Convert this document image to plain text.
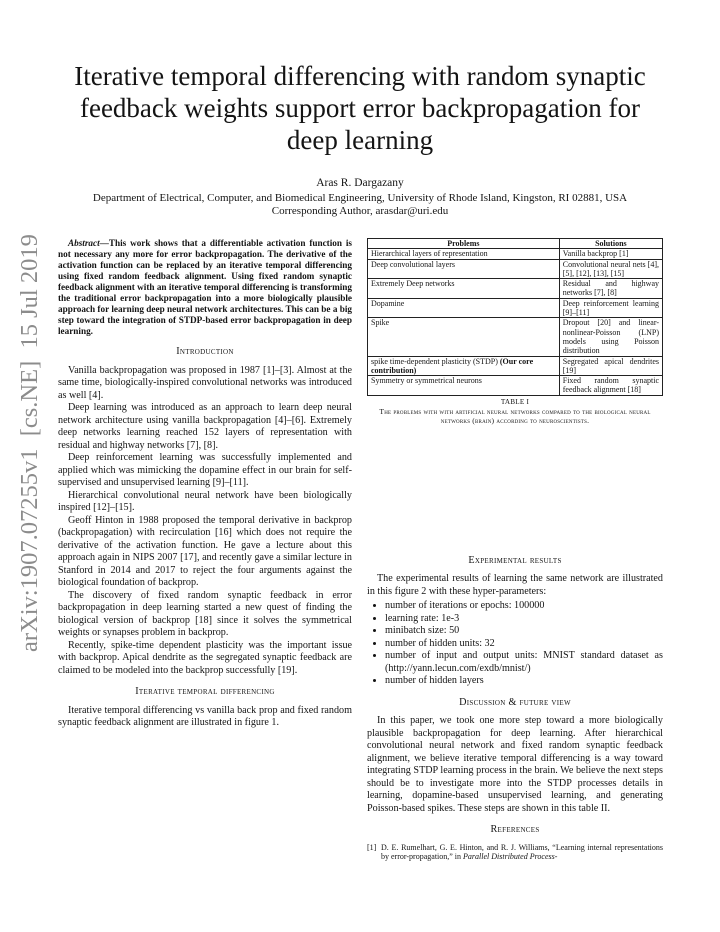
arXiv:1907.07255v1  [cs.NE]  15 Jul 2019
Iterative temporal differencing with random synaptic feedback weights support error backpropagation for deep learning
Aras R. Dargazany
Department of Electrical, Computer, and Biomedical Engineering, University of Rhode Island, Kingston, RI 02881, USA
Corresponding Author, arasdar@uri.edu

Abstract—This work shows that a differentiable activation function is not necessary any more for error backpropagation. The derivative of the activation function can be replaced by an iterative temporal differencing using fixed random feedback alignment. Using fixed random synaptic feedback alignment with an iterative temporal differencing is transforming the traditional error backpropagation into a more biologically plausible approach for learning deep neural network architectures. This can be a big step toward the integration of STDP-based error backpropagation in deep learning.

Introduction

Vanilla backpropagation was proposed in 1987 [1]–[3]. Almost at the same time, biologically-inspired convolutional networks was introduced as well [4].

Deep learning was introduced as an approach to learn deep neural network architecture using vanilla backpropagation [4]–[6]. Extremely deep networks learning reached 152 layers of representation with residual and highway networks [7], [8].

Deep reinforcement learning was successfully implemented and applied which was mimicking the dopamine effect in our brain for self-supervised and unsupervised learning [9]–[11].

Hierarchical convolutional neural network have been biologically inspired [12]–[15].

Geoff Hinton in 1988 proposed the temporal derivative in backprop (backpropagation) with recirculation [16] which does not require the derivative of the activation function. He gave a lecture about this approach again in NIPS 2007 [17], and recently gave a similar lecture in Stanford in 2014 and 2017 to reject the four arguments against the biological foundation of backprop.

The discovery of fixed random synaptic feedback in error backpropagation in deep learning started a new quest of finding the biological version of backprop [18] since it solves the symmetrical weights or synapses problem in backprop.

Recently, spike-time dependent plasticity was the important issue with backprop. Apical dendrite as the segregated synaptic feedback are claimed to be modeled into the backprop successfully [19].

Iterative temporal differencing

Iterative temporal differencing vs vanilla back prop and fixed random synaptic feedback alignment are illustrated in figure 1.

Problems	Solutions
Hierarchical layers of representation	Vanilla backprop [1]
Deep convolutional layers	Convolutional neural nets [4], [5], [12], [13], [15]
Extremely Deep networks	Residual and highway networks [7], [8]
Dopamine	Deep reinforcement learning [9]–[11]
Spike	Dropout [20] and linear-nonlinear-Poisson (LNP) models using Poisson distribution
spike time-dependent plasticity (STDP) (Our core contribution)	Segregated apical dendrites [19]
Symmetry or symmetrical neurons	Fixed random synaptic feedback alignment [18]
TABLE I
The problems with with artificial neural networks compared to the biological neural networks (brain) according to neuroscientists.
Experimental results

The experimental results of learning the same network are illustrated in this figure 2 with these hyper-parameters:

• number of iterations or epochs: 100000
• learning rate: 1e-3
• minibatch size: 50
• number of hidden units: 32
• number of input and output units: MNIST standard dataset as (http://yann.lecun.com/exdb/mnist/)
• number of hidden layers
Discussion & future view

In this paper, we took one more step toward a more biologically plausible backpropagation for deep learning. After hierarchical convolutional neural network and fixed random synaptic feedback alignment, we believe iterative temporal differencing is a way toward integrating STDP learning process in the brain. We believe the next steps should be to investigate more into the STDP processes details in learning, dopamine-based unsupervised learning, and generating Poisson-based spikes. These steps are shown in this table II.

References
[1] D. E. Rumelhart, G. E. Hinton, and R. J. Williams, “Learning internal representations by error-propagation,” in Parallel Distributed Process-
